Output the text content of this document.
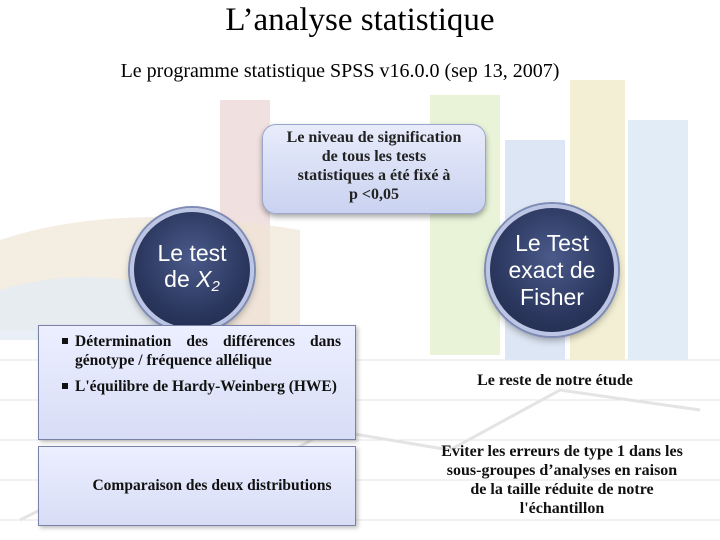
L’analyse statistique
Le programme statistique SPSS v16.0.0 (sep 13, 2007)
Le niveau de signification
de tous les tests
statistiques a été fixé à
p <0,05
Le test
de $X_2$
Le Test
exact de
Fisher
Détermination des différences dans génotype / fréquence allélique
L'équilibre de Hardy-Weinberg (HWE)
Comparaison des deux distributions
Le reste de notre étude
Eviter les erreurs de type 1 dans les
sous-groupes d’analyses en raison
de la taille réduite de notre
l'échantillon
